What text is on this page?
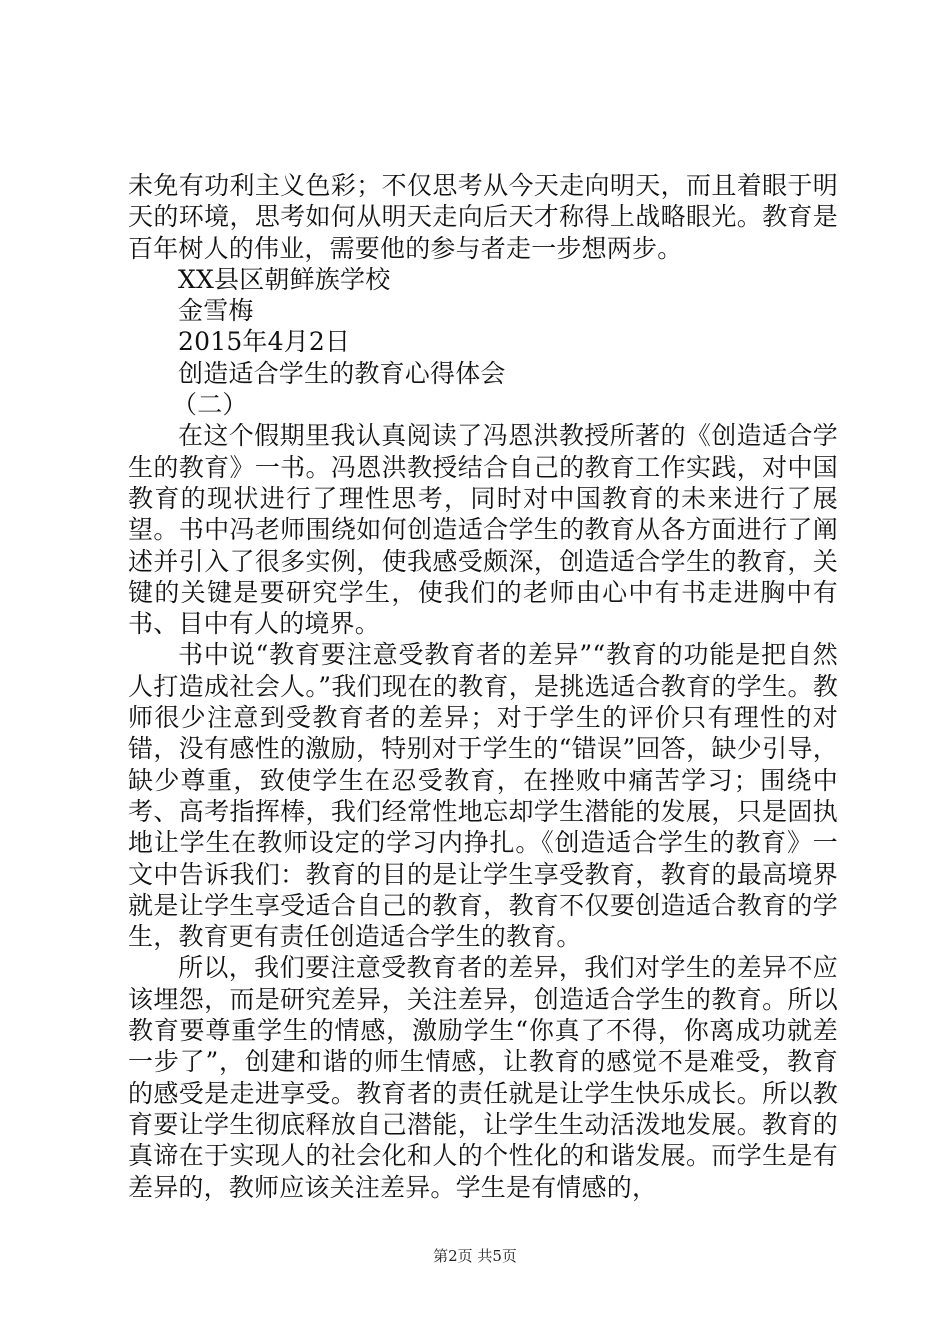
未免有功利主义色彩；不仅思考从今天走向明天，而且着眼于明天的环境，思考如何从明天走向后天才称得上战略眼光。教育是百年树人的伟业，需要他的参与者走一步想两步。

XX县区朝鲜族学校

金雪梅

2015年4月2日

创造适合学生的教育心得体会

（二）

在这个假期里我认真阅读了冯恩洪教授所著的《创造适合学生的教育》一书。冯恩洪教授结合自己的教育工作实践，对中国教育的现状进行了理性思考，同时对中国教育的未来进行了展望。书中冯老师围绕如何创造适合学生的教育从各方面进行了阐述并引入了很多实例，使我感受颇深，创造适合学生的教育，关键的关键是要研究学生，使我们的老师由心中有书走进胸中有书、目中有人的境界。

书中说“教育要注意受教育者的差异”“教育的功能是把自然人打造成社会人。”我们现在的教育，是挑选适合教育的学生。教师很少注意到受教育者的差异；对于学生的评价只有理性的对错，没有感性的激励，特别对于学生的“错误”回答，缺少引导，缺少尊重，致使学生在忍受教育，在挫败中痛苦学习；围绕中考、高考指挥棒，我们经常性地忘却学生潜能的发展，只是固执地让学生在教师设定的学习内挣扎。《创造适合学生的教育》一文中告诉我们：教育的目的是让学生享受教育，教育的最高境界就是让学生享受适合自己的教育，教育不仅要创造适合教育的学生，教育更有责任创造适合学生的教育。

所以，我们要注意受教育者的差异，我们对学生的差异不应该埋怨，而是研究差异，关注差异，创造适合学生的教育。所以教育要尊重学生的情感，激励学生“你真了不得，你离成功就差一步了”，创建和谐的师生情感，让教育的感觉不是难受，教育的感受是走进享受。教育者的责任就是让学生快乐成长。所以教育要让学生彻底释放自己潜能，让学生生动活泼地发展。教育的真谛在于实现人的社会化和人的个性化的和谐发展。而学生是有差异的，教师应该关注差异。学生是有情感的，

第2页 共5页
